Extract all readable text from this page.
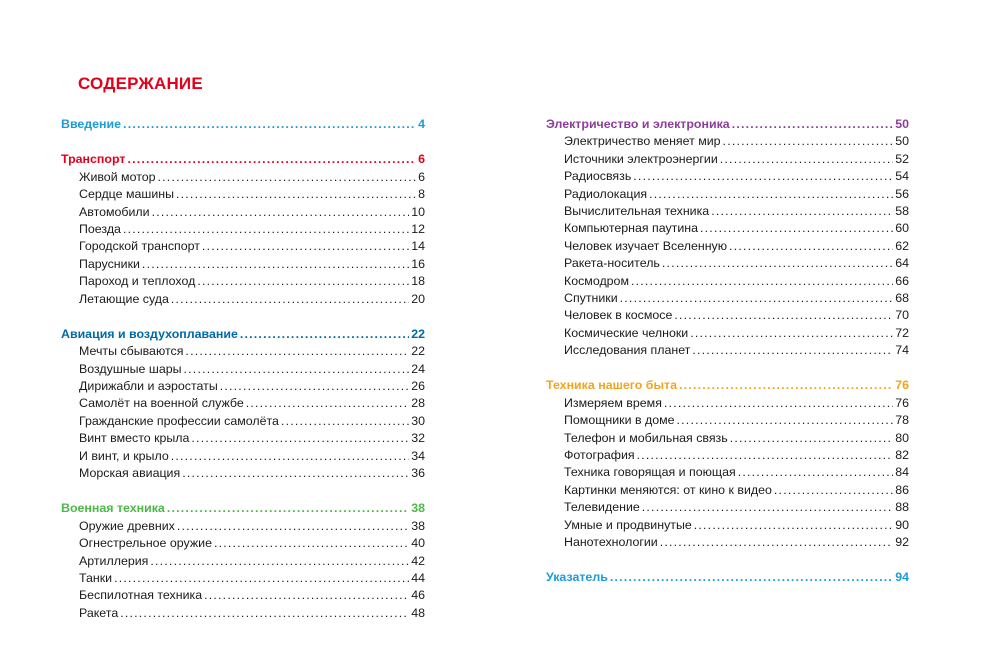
СОДЕРЖАНИЕ
Введение .....	4
Транспорт .....	6
Живой мотор .....	6
Сердце машины .....	8
Автомобили .....	10
Поезда .....	12
Городской транспорт .....	14
Парусники .....	16
Пароход и теплоход .....	18
Летающие суда .....	20
Авиация и воздухоплавание .....	22
Мечты сбываются .....	22
Воздушные шары .....	24
Дирижабли и аэростаты .....	26
Самолёт на военной службе .....	28
Гражданские профессии самолёта .....	30
Винт вместо крыла .....	32
И винт, и крыло .....	34
Морская авиация .....	36
Военная техника .....	38
Оружие древних .....	38
Огнестрельное оружие .....	40
Артиллерия .....	42
Танки .....	44
Беспилотная техника .....	46
Ракета .....	48
Электричество и электроника .....	50
Электричество меняет мир .....	50
Источники электроэнергии .....	52
Радиосвязь .....	54
Радиолокация .....	56
Вычислительная техника .....	58
Компьютерная паутина .....	60
Человек изучает Вселенную .....	62
Ракета-носитель .....	64
Космодром .....	66
Спутники .....	68
Человек в космосе .....	70
Космические челноки .....	72
Исследования планет .....	74
Техника нашего быта .....	76
Измеряем время .....	76
Помощники в доме .....	78
Телефон и мобильная связь .....	80
Фотография .....	82
Техника говорящая и поющая .....	84
Картинки меняются: от кино к видео .....	86
Телевидение .....	88
Умные и продвинутые .....	90
Нанотехнологии .....	92
Указатель .....	94
